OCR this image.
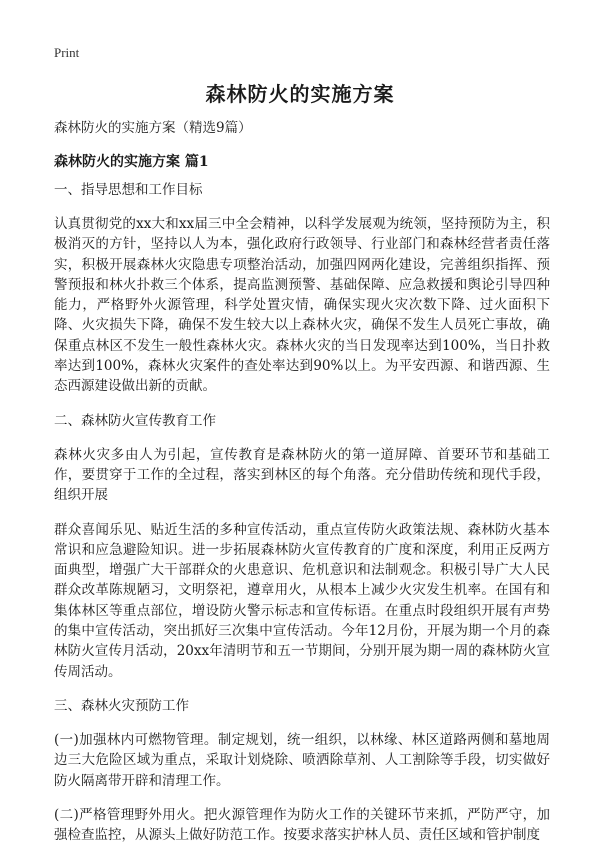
Print
森林防火的实施方案

森林防火的实施方案（精选9篇）

森林防火的实施方案 篇1

一、指导思想和工作目标

认真贯彻党的xx大和xx届三中全会精神，以科学发展观为统领，坚持预防为主，积极消灭的方针，坚持以人为本，强化政府行政领导、行业部门和森林经营者责任落实，积极开展森林火灾隐患专项整治活动，加强四网两化建设，完善组织指挥、预警预报和林火扑救三个体系，提高监测预警、基础保障、应急救援和舆论引导四种能力，严格野外火源管理，科学处置灾情，确保实现火灾次数下降、过火面积下降、火灾损失下降，确保不发生较大以上森林火灾，确保不发生人员死亡事故，确保重点林区不发生一般性森林火灾。森林火灾的当日发现率达到100%，当日扑救率达到100%，森林火灾案件的查处率达到90%以上。为平安西源、和谐西源、生态西源建设做出新的贡献。

二、森林防火宣传教育工作

森林火灾多由人为引起，宣传教育是森林防火的第一道屏障、首要环节和基础工作，要贯穿于工作的全过程，落实到林区的每个角落。充分借助传统和现代手段，组织开展

群众喜闻乐见、贴近生活的多种宣传活动，重点宣传防火政策法规、森林防火基本常识和应急避险知识。进一步拓展森林防火宣传教育的广度和深度，利用正反两方面典型，增强广大干部群众的火患意识、危机意识和法制观念。积极引导广大人民群众改革陈规陋习，文明祭祀，遵章用火，从根本上减少火灾发生机率。在国有和集体林区等重点部位，增设防火警示标志和宣传标语。在重点时段组织开展有声势的集中宣传活动，突出抓好三次集中宣传活动。今年12月份，开展为期一个月的森林防火宣传月活动，20xx年清明节和五一节期间，分别开展为期一周的森林防火宣传周活动。

三、森林火灾预防工作

(一)加强林内可燃物管理。制定规划，统一组织，以林缘、林区道路两侧和墓地周边三大危险区域为重点，采取计划烧除、喷洒除草剂、人工割除等手段，切实做好防火隔离带开辟和清理工作。

(二)严格管理野外用火。把火源管理作为防火工作的关键环节来抓，严防严守，加强检查监控，从源头上做好防范工作。按要求落实护林人员、责任区域和管护制度
